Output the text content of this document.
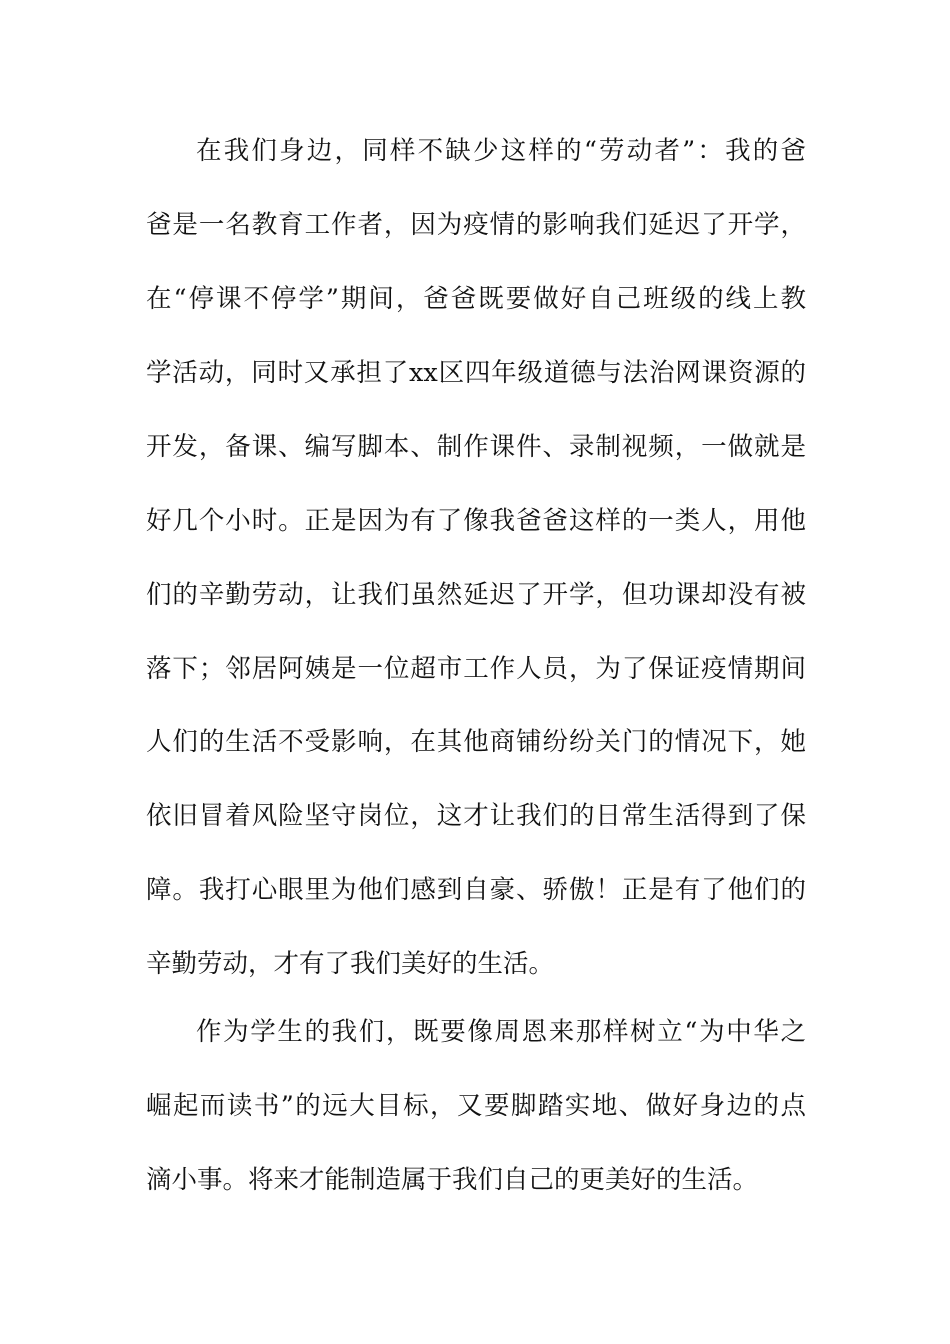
在我们身边，同样不缺少这样的“劳动者”：我的爸
爸是一名教育工作者，因为疫情的影响我们延迟了开学，
在“停课不停学”期间，爸爸既要做好自己班级的线上教
学活动，同时又承担了xx区四年级道德与法治网课资源的
开发，备课、编写脚本、制作课件、录制视频，一做就是
好几个小时。正是因为有了像我爸爸这样的一类人，用他
们的辛勤劳动，让我们虽然延迟了开学，但功课却没有被
落下；邻居阿姨是一位超市工作人员，为了保证疫情期间
人们的生活不受影响，在其他商铺纷纷关门的情况下，她
依旧冒着风险坚守岗位，这才让我们的日常生活得到了保
障。我打心眼里为他们感到自豪、骄傲！正是有了他们的
辛勤劳动，才有了我们美好的生活。
作为学生的我们，既要像周恩来那样树立“为中华之
崛起而读书”的远大目标，又要脚踏实地、做好身边的点
滴小事。将来才能制造属于我们自己的更美好的生活。
